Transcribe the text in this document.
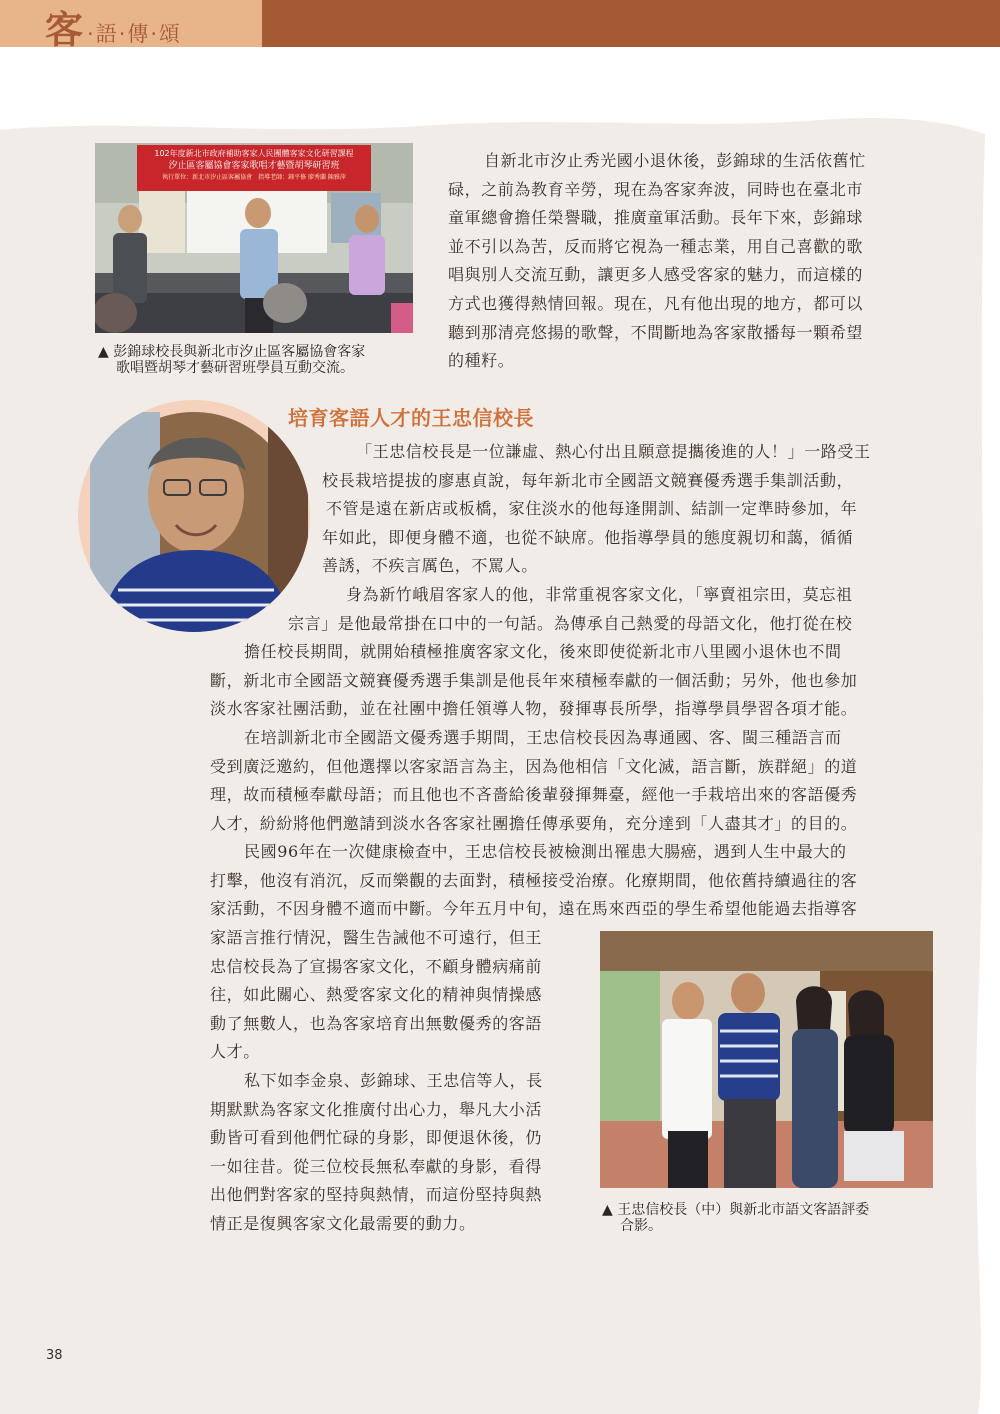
客 ·語·傳·頌
102年度新北市政府補助客家人民團體客家文化研習課程
汐止區客屬協會客家歌唱才藝暨胡琴研習班
執行單位：新北市汐止區客屬協會　指導老師：鍾平修 廖秀蘭 陳雅萍
▲ 彭錦球校長與新北市汐止區客屬協會客家
歌唱暨胡琴才藝研習班學員互動交流。
自新北市汐止秀光國小退休後，彭錦球的生活依舊忙
碌，之前為教育辛勞，現在為客家奔波，同時也在臺北市
童軍總會擔任榮譽職，推廣童軍活動。長年下來，彭錦球
並不引以為苦，反而將它視為一種志業，用自己喜歡的歌
唱與別人交流互動，讓更多人感受客家的魅力，而這樣的
方式也獲得熱情回報。現在，凡有他出現的地方，都可以
聽到那清亮悠揚的歌聲，不間斷地為客家散播每一顆希望
的種籽。
培育客語人才的王忠信校長
「王忠信校長是一位謙虛、熱心付出且願意提攜後進的人！」一路受王
校長栽培提拔的廖惠貞說，每年新北市全國語文競賽優秀選手集訓活動，
不管是遠在新店或板橋，家住淡水的他每逢開訓、結訓一定準時參加，年
年如此，即便身體不適，也從不缺席。他指導學員的態度親切和藹，循循
善誘，不疾言厲色，不罵人。
身為新竹峨眉客家人的他，非常重視客家文化，「寧賣祖宗田，莫忘祖
宗言」是他最常掛在口中的一句話。為傳承自己熱愛的母語文化，他打從在校
擔任校長期間，就開始積極推廣客家文化，後來即使從新北市八里國小退休也不間
斷，新北市全國語文競賽優秀選手集訓是他長年來積極奉獻的一個活動；另外，他也參加
淡水客家社團活動，並在社團中擔任領導人物，發揮專長所學，指導學員學習各項才能。
在培訓新北市全國語文優秀選手期間，王忠信校長因為專通國、客、閩三種語言而
受到廣泛邀約，但他選擇以客家語言為主，因為他相信「文化滅，語言斷，族群絕」的道
理，故而積極奉獻母語；而且他也不吝嗇給後輩發揮舞臺，經他一手栽培出來的客語優秀
人才，紛紛將他們邀請到淡水各客家社團擔任傳承要角，充分達到「人盡其才」的目的。
民國96年在一次健康檢查中，王忠信校長被檢測出罹患大腸癌，遇到人生中最大的
打擊，他沒有消沉，反而樂觀的去面對，積極接受治療。化療期間，他依舊持續過往的客
家活動，不因身體不適而中斷。今年五月中旬，遠在馬來西亞的學生希望他能過去指導客
家語言推行情況，醫生告誡他不可遠行，但王
忠信校長為了宣揚客家文化，不顧身體病痛前
往，如此關心、熱愛客家文化的精神與情操感
動了無數人，也為客家培育出無數優秀的客語
人才。
私下如李金泉、彭錦球、王忠信等人，長
期默默為客家文化推廣付出心力，舉凡大小活
動皆可看到他們忙碌的身影，即便退休後，仍
一如往昔。從三位校長無私奉獻的身影，看得
出他們對客家的堅持與熱情，而這份堅持與熱
情正是復興客家文化最需要的動力。
▲ 王忠信校長（中）與新北市語文客語評委
合影。
38
